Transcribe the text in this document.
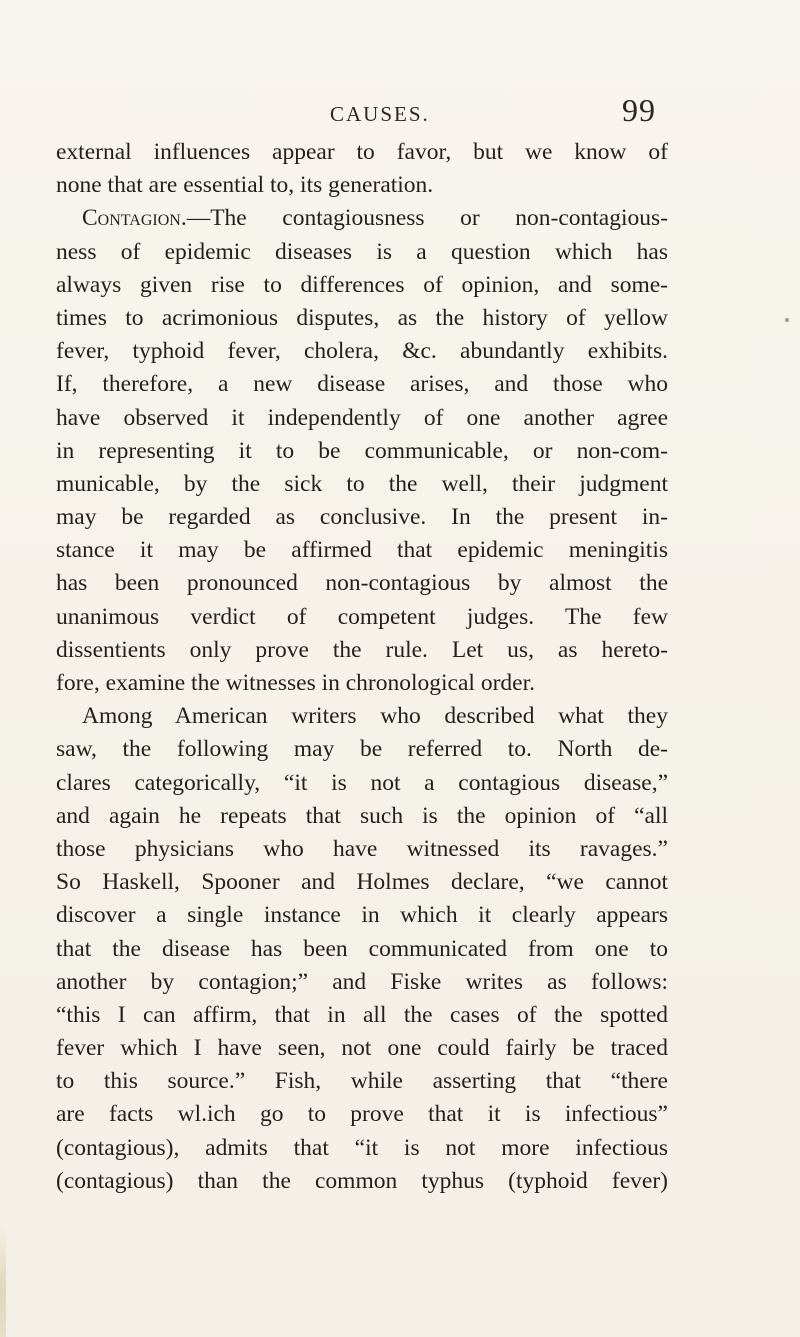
CAUSES.	99
external influences appear to favor, but we know of
none that are essential to, its generation.
Contagion.—The contagiousness or non-contagious-
ness of epidemic diseases is a question which has
always given rise to differences of opinion, and some-
times to acrimonious disputes, as the history of yellow
fever, typhoid fever, cholera, &c. abundantly exhibits.
If, therefore, a new disease arises, and those who
have observed it independently of one another agree
in representing it to be communicable, or non-com-
municable, by the sick to the well, their judgment
may be regarded as conclusive. In the present in-
stance it may be affirmed that epidemic meningitis
has been pronounced non-contagious by almost the
unanimous verdict of competent judges. The few
dissentients only prove the rule. Let us, as hereto-
fore, examine the witnesses in chronological order.
Among American writers who described what they
saw, the following may be referred to. North de-
clares categorically, “it is not a contagious disease,”
and again he repeats that such is the opinion of “all
those physicians who have witnessed its ravages.”
So Haskell, Spooner and Holmes declare, “we cannot
discover a single instance in which it clearly appears
that the disease has been communicated from one to
another by contagion;” and Fiske writes as follows:
“this I can affirm, that in all the cases of the spotted
fever which I have seen, not one could fairly be traced
to this source.” Fish, while asserting that “there
are facts wl.ich go to prove that it is infectious”
(contagious), admits that “it is not more infectious
(contagious) than the common typhus (typhoid fever)
